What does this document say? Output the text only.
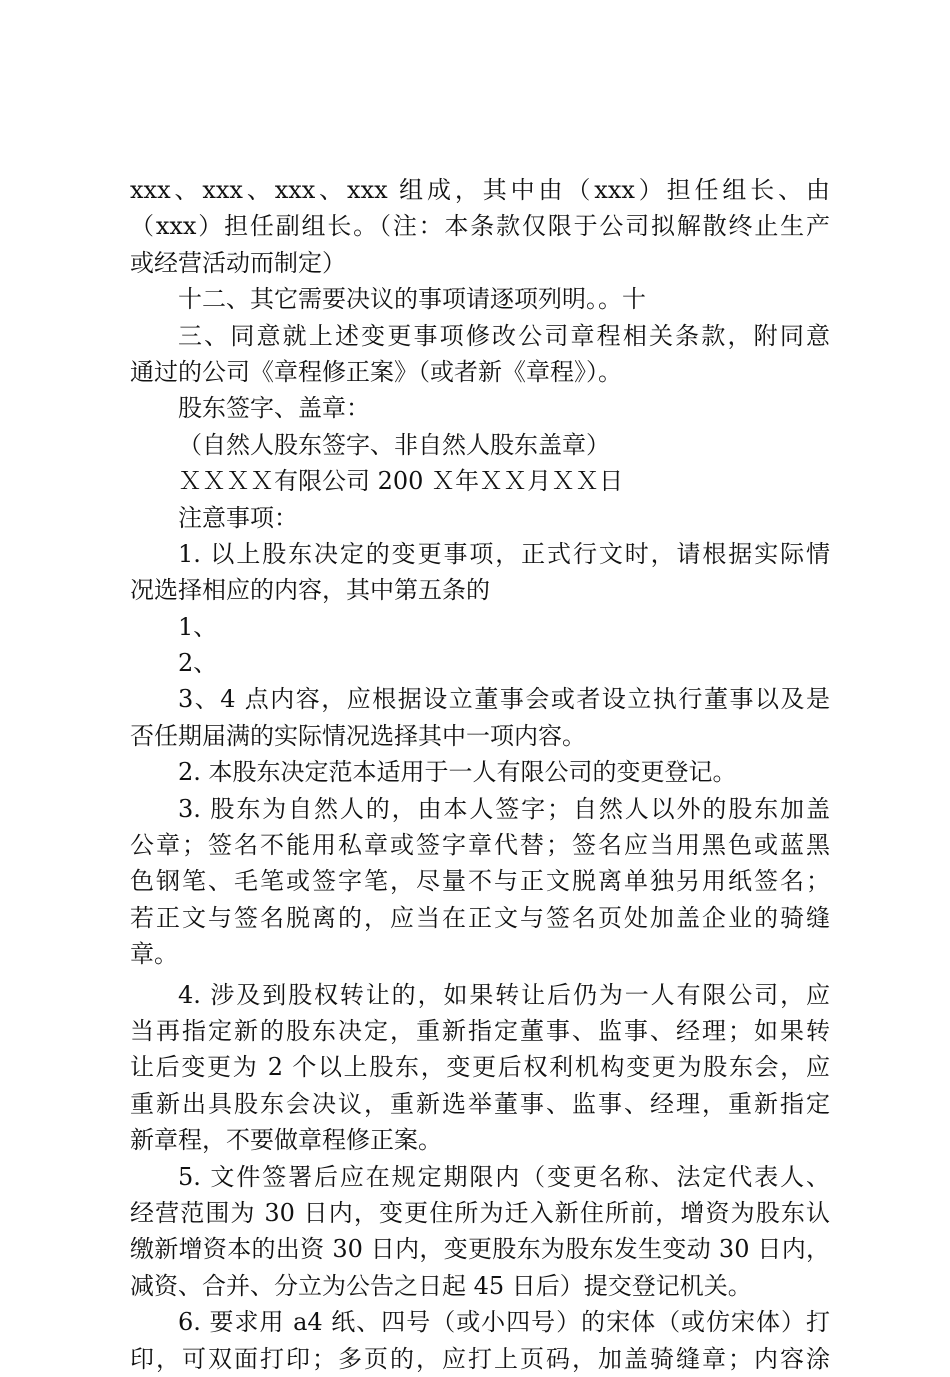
xxx、xxx、xxx、xxx 组成，其中由（xxx）担任组长、由
（xxx）担任副组长。（注：本条款仅限于公司拟解散终止生产
或经营活动而制定）
十二、其它需要决议的事项请逐项列明。。十
三、同意就上述变更事项修改公司章程相关条款，附同意
通过的公司《章程修正案》（或者新《章程》）。
股东签字、盖章：
（自然人股东签字、非自然人股东盖章）
ＸＸＸＸ有限公司 200 Ｘ年ＸＸ月ＸＸ日
注意事项：
1. 以上股东决定的变更事项，正式行文时，请根据实际情
况选择相应的内容，其中第五条的
1、
2、
3、4 点内容，应根据设立董事会或者设立执行董事以及是
否任期届满的实际情况选择其中一项内容。
2. 本股东决定范本适用于一人有限公司的变更登记。
3. 股东为自然人的，由本人签字；自然人以外的股东加盖
公章；签名不能用私章或签字章代替；签名应当用黑色或蓝黑
色钢笔、毛笔或签字笔，尽量不与正文脱离单独另用纸签名；
若正文与签名脱离的，应当在正文与签名页处加盖企业的骑缝
章。
4. 涉及到股权转让的，如果转让后仍为一人有限公司，应
当再指定新的股东决定，重新指定董事、监事、经理；如果转
让后变更为 2 个以上股东，变更后权利机构变更为股东会，应
重新出具股东会决议，重新选举董事、监事、经理，重新指定
新章程，不要做章程修正案。
5. 文件签署后应在规定期限内（变更名称、法定代表人、
经营范围为 30 日内，变更住所为迁入新住所前，增资为股东认
缴新增资本的出资 30 日内，变更股东为股东发生变动 30 日内，
减资、合并、分立为公告之日起 45 日后）提交登记机关。
6. 要求用 a4 纸、四号（或小四号）的宋体（或仿宋体）打
印，可双面打印；多页的，应打上页码，加盖骑缝章；内容涂
